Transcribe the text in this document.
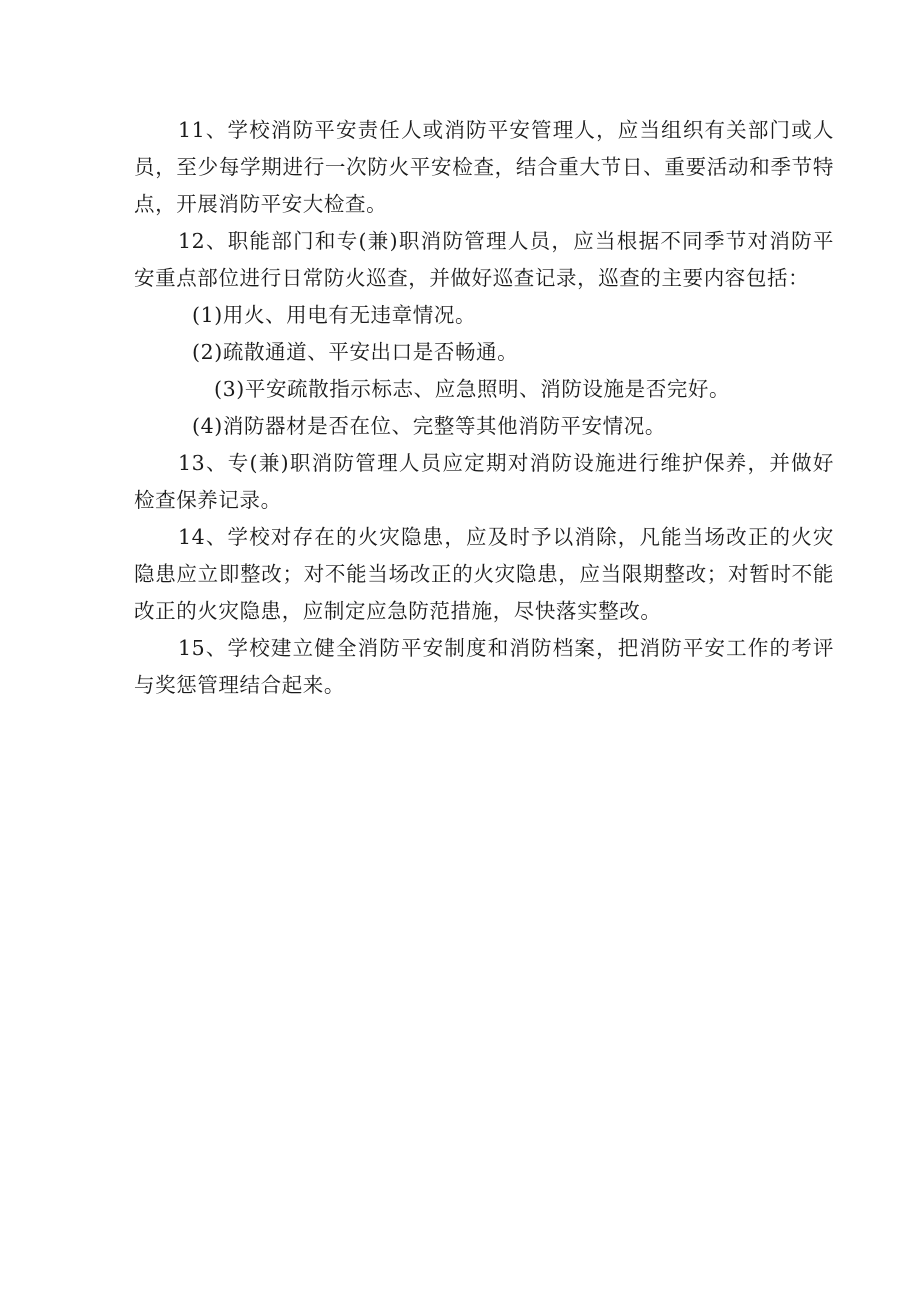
11、学校消防平安责任人或消防平安管理人，应当组织有关部门或人员，至少每学期进行一次防火平安检查，结合重大节日、重要活动和季节特点，开展消防平安大检查。

12、职能部门和专(兼)职消防管理人员，应当根据不同季节对消防平安重点部位进行日常防火巡查，并做好巡查记录，巡查的主要内容包括：

(1)用火、用电有无违章情况。

(2)疏散通道、平安出口是否畅通。

(3)平安疏散指示标志、应急照明、消防设施是否完好。

(4)消防器材是否在位、完整等其他消防平安情况。

13、专(兼)职消防管理人员应定期对消防设施进行维护保养，并做好检查保养记录。

14、学校对存在的火灾隐患，应及时予以消除，凡能当场改正的火灾隐患应立即整改；对不能当场改正的火灾隐患，应当限期整改；对暂时不能改正的火灾隐患，应制定应急防范措施，尽快落实整改。

15、学校建立健全消防平安制度和消防档案，把消防平安工作的考评与奖惩管理结合起来。
